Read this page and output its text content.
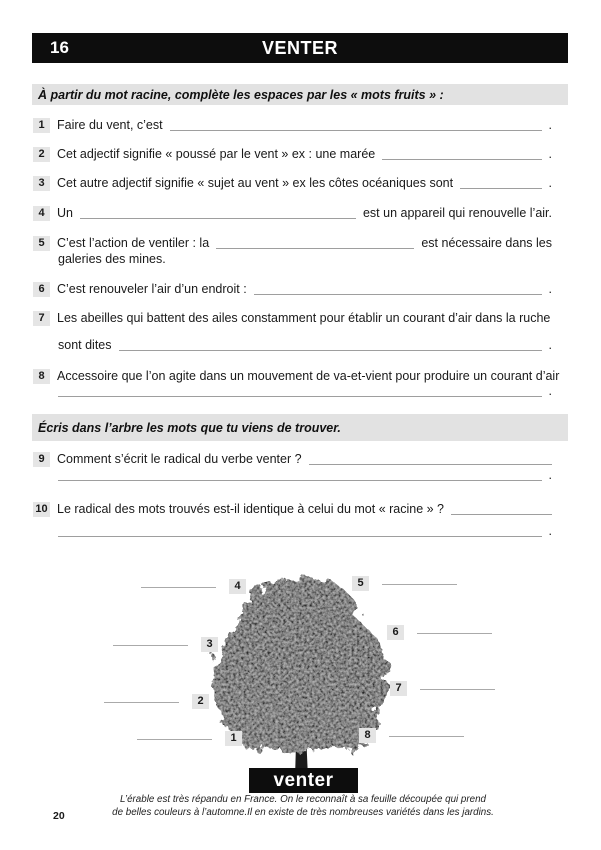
16	VENTER
À partir du mot racine, complète les espaces par les « mots fruits » :
1 Faire du vent, c’est	.
2 Cet adjectif signifie « poussé par le vent » ex : une marée	.
3 Cet autre adjectif signifie « sujet au vent » ex les côtes océaniques sont	.
4 Un	est un appareil qui renouvelle l’air.
5 C’est l’action de ventiler : la	est nécessaire dans les
galeries des mines.
6 C’est renouveler l’air d’un endroit :	.
7 Les abeilles qui battent des ailes constamment pour établir un courant d’air dans la ruche
sont dites	.
8 Accessoire que l’on agite dans un mouvement de va-et-vient pour produire un courant d’air
.
Écris dans l’arbre les mots que tu viens de trouver.
9 Comment s’écrit le radical du verbe venter ?
.
10 Le radical des mots trouvés est-il identique à celui du mot « racine » ?
.
4
3
2
1
5
6
7
8
venter
L’érable est très répandu en France. On le reconnaît à sa feuille découpée qui prend
de belles couleurs à l’automne.Il en existe de très nombreuses variétés dans les jardins.
20
